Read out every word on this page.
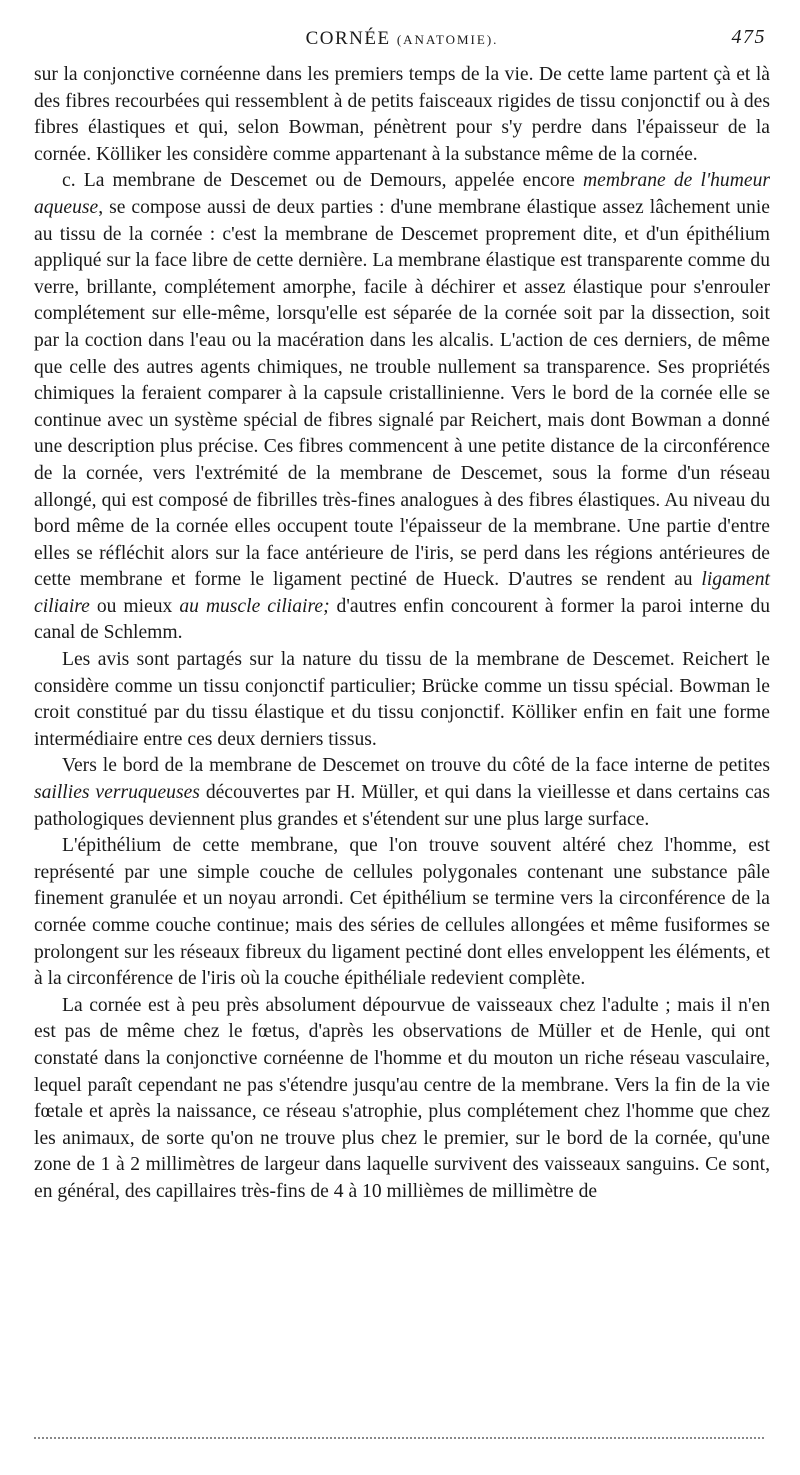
CORNÉE (ANATOMIE).	475

sur la conjonctive cornéenne dans les premiers temps de la vie. De cette lame partent çà et là des fibres recourbées qui ressemblent à de petits faisceaux rigides de tissu conjonctif ou à des fibres élastiques et qui, selon Bowman, pénètrent pour s'y perdre dans l'épaisseur de la cornée. Kölliker les considère comme appartenant à la substance même de la cornée.

c. La membrane de Descemet ou de Demours, appelée encore membrane de l'humeur aqueuse, se compose aussi de deux parties : d'une membrane élastique assez lâchement unie au tissu de la cornée : c'est la membrane de Descemet proprement dite, et d'un épithélium appliqué sur la face libre de cette dernière. La membrane élastique est transparente comme du verre, brillante, complétement amorphe, facile à déchirer et assez élastique pour s'enrouler complétement sur elle-même, lorsqu'elle est séparée de la cornée soit par la dissection, soit par la coction dans l'eau ou la macération dans les alcalis. L'action de ces derniers, de même que celle des autres agents chimiques, ne trouble nullement sa transparence. Ses propriétés chimiques la feraient comparer à la capsule cristallinienne. Vers le bord de la cornée elle se continue avec un système spécial de fibres signalé par Reichert, mais dont Bowman a donné une description plus précise. Ces fibres commencent à une petite distance de la circonférence de la cornée, vers l'extrémité de la membrane de Descemet, sous la forme d'un réseau allongé, qui est composé de fibrilles très-fines analogues à des fibres élastiques. Au niveau du bord même de la cornée elles occupent toute l'épaisseur de la membrane. Une partie d'entre elles se réfléchit alors sur la face antérieure de l'iris, se perd dans les régions antérieures de cette membrane et forme le ligament pectiné de Hueck. D'autres se rendent au ligament ciliaire ou mieux au muscle ciliaire; d'autres enfin concourent à former la paroi interne du canal de Schlemm.

Les avis sont partagés sur la nature du tissu de la membrane de Descemet. Reichert le considère comme un tissu conjonctif particulier; Brücke comme un tissu spécial. Bowman le croit constitué par du tissu élastique et du tissu conjonctif. Kölliker enfin en fait une forme intermédiaire entre ces deux derniers tissus.

Vers le bord de la membrane de Descemet on trouve du côté de la face interne de petites saillies verruqueuses découvertes par H. Müller, et qui dans la vieillesse et dans certains cas pathologiques deviennent plus grandes et s'étendent sur une plus large surface.

L'épithélium de cette membrane, que l'on trouve souvent altéré chez l'homme, est représenté par une simple couche de cellules polygonales contenant une substance pâle finement granulée et un noyau arrondi. Cet épithélium se termine vers la circonférence de la cornée comme couche continue; mais des séries de cellules allongées et même fusiformes se prolongent sur les réseaux fibreux du ligament pectiné dont elles enveloppent les éléments, et à la circonférence de l'iris où la couche épithéliale redevient complète.

La cornée est à peu près absolument dépourvue de vaisseaux chez l'adulte ; mais il n'en est pas de même chez le fœtus, d'après les observations de Müller et de Henle, qui ont constaté dans la conjonctive cornéenne de l'homme et du mouton un riche réseau vasculaire, lequel paraît cependant ne pas s'étendre jusqu'au centre de la membrane. Vers la fin de la vie fœtale et après la naissance, ce réseau s'atrophie, plus complétement chez l'homme que chez les animaux, de sorte qu'on ne trouve plus chez le premier, sur le bord de la cornée, qu'une zone de 1 à 2 millimètres de largeur dans laquelle survivent des vaisseaux sanguins. Ce sont, en général, des capillaires très-fins de 4 à 10 millièmes de millimètre de
